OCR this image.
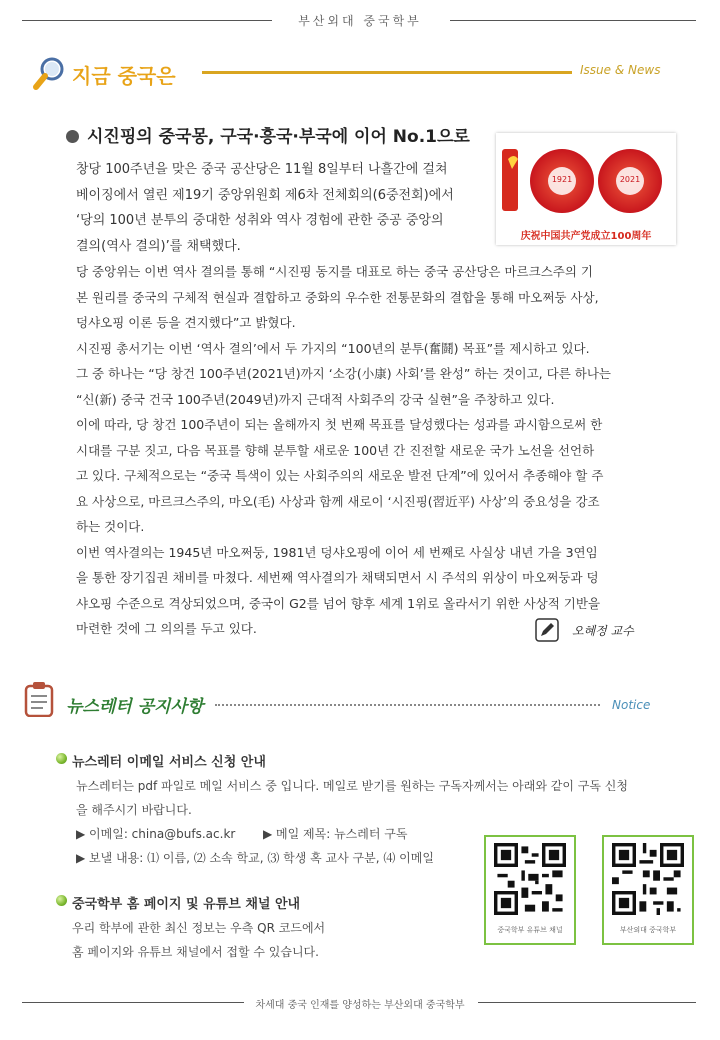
부산외대 중국학부
지금 중국은	Issue & News
시진핑의 중국몽, 구국·흥국·부국에 이어 No.1으로
1921	2021
庆祝中国共产党成立100周年

창당 100주년을 맞은 중국 공산당은 11월 8일부터 나흘간에 걸쳐

베이징에서 열린 제19기 중앙위원회 제6차 전체회의(6중전회)에서

‘당의 100년 분투의 중대한 성취와 역사 경험에 관한 중공 중앙의

결의(역사 결의)’를 채택했다.

당 중앙위는 이번 역사 결의를 통해 “시진핑 동지를 대표로 하는 중국 공산당은 마르크스주의 기

본 원리를 중국의 구체적 현실과 결합하고 중화의 우수한 전통문화의 결합을 통해 마오쩌둥 사상,

덩샤오핑 이론 등을 견지했다”고 밝혔다.

시진핑 총서기는 이번 ‘역사 결의’에서 두 가지의 “100년의 분투(奮鬪) 목표”를 제시하고 있다.

그 중 하나는 “당 창건 100주년(2021년)까지 ‘소강(小康) 사회’를 완성” 하는 것이고, 다른 하나는

“신(新) 중국 건국 100주년(2049년)까지 근대적 사회주의 강국 실현”을 주창하고 있다.

이에 따라, 당 창건 100주년이 되는 올해까지 첫 번째 목표를 달성했다는 성과를 과시함으로써 한

시대를 구분 짓고, 다음 목표를 향해 분투할 새로운 100년 간 진전할 새로운 국가 노선을 선언하

고 있다. 구체적으로는 “중국 특색이 있는 사회주의의 새로운 발전 단계”에 있어서 추종해야 할 주

요 사상으로, 마르크스주의, 마오(毛) 사상과 함께 새로이 ‘시진핑(習近平) 사상’의 중요성을 강조

하는 것이다.

이번 역사결의는 1945년 마오쩌둥, 1981년 덩샤오핑에 이어 세 번째로 사실상 내년 가을 3연임

을 통한 장기집권 채비를 마쳤다. 세번째 역사결의가 채택되면서 시 주석의 위상이 마오쩌둥과 덩

샤오핑 수준으로 격상되었으며, 중국이 G2를 넘어 향후 세계 1위로 올라서기 위한 사상적 기반을

마련한 것에 그 의의를 두고 있다.	오혜정 교수
뉴스레터 공지사항	Notice
뉴스레터 이메일 서비스 신청 안내
뉴스레터는 pdf 파일로 메일 서비스 중 입니다. 메일로 받기를 원하는 구독자께서는 아래와 같이 구독 신청
을 해주시기 바랍니다.
▶ 이메일: china@bufs.ac.kr ▶ 메일 제목: 뉴스레터 구독
▶ 보낼 내용: ⑴ 이름, ⑵ 소속 학교, ⑶ 학생 혹 교사 구분, ⑷ 이메일
중국학부 홈 페이지 및 유튜브 채널 안내
우리 학부에 관한 최신 정보는 우측 QR 코드에서
홈 페이지와 유튜브 채널에서 접할 수 있습니다.
중국학부 유튜브 채널	부산외대 중국학부
차세대 중국 인재를 양성하는 부산외대 중국학부
